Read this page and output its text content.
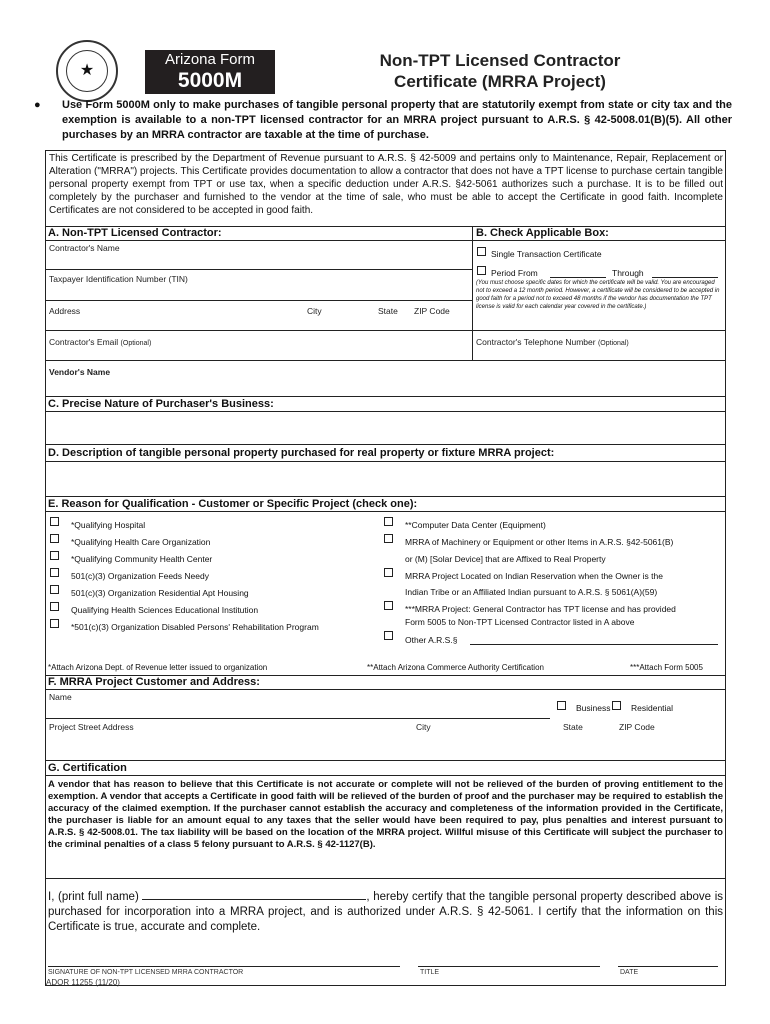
★
Arizona Form
5000M
Non-TPT Licensed Contractor
Certificate (MRRA Project)
● Use Form 5000M only to make purchases of tangible personal property that are statutorily exempt from state or city tax and the exemption is available to a non-TPT licensed contractor for an MRRA project pursuant to A.R.S. § 42-5008.01(B)(5). All other purchases by an MRRA contractor are taxable at the time of purchase.
This Certificate is prescribed by the Department of Revenue pursuant to A.R.S. § 42-5009 and pertains only to Maintenance, Repair, Replacement or Alteration ("MRRA") projects. This Certificate provides documentation to allow a contractor that does not have a TPT license to purchase certain tangible personal property exempt from TPT or use tax, when a specific deduction under A.R.S. §42-5061 authorizes such a purchase. It is to be filled out completely by the purchaser and furnished to the vendor at the time of sale, who must be able to accept the Certificate in good faith. Incomplete Certificates are not considered to be accepted in good faith.
A. Non-TPT Licensed Contractor:	B. Check Applicable Box:
Contractor's Name
Taxpayer Identification Number (TIN)
Address	City	State ZIP Code
Contractor's Email (Optional)
Single Transaction Certificate
Period From	Through
(You must choose specific dates for which the certificate will be valid. You are encouraged not to exceed a 12 month period. However, a certificate will be considered to be accepted in good faith for a period not to exceed 48 months if the vendor has documentation the TPT license is valid for each calendar year covered in the certificate.)
Contractor's Telephone Number (Optional)
Vendor's Name
C. Precise Nature of Purchaser's Business:
D. Description of tangible personal property purchased for real property or fixture MRRA project:
E. Reason for Qualification - Customer or Specific Project (check one):
*Qualifying Hospital
*Qualifying Health Care Organization
*Qualifying Community Health Center
501(c)(3) Organization Feeds Needy
501(c)(3) Organization Residential Apt Housing
Qualifying Health Sciences Educational Institution
*501(c)(3) Organization Disabled Persons' Rehabilitation Program
**Computer Data Center (Equipment)
MRRA of Machinery or Equipment or other Items in A.R.S. §42-5061(B)
or (M) [Solar Device] that are Affixed to Real Property
MRRA Project Located on Indian Reservation when the Owner is the
Indian Tribe or an Affiliated Indian pursuant to A.R.S. § 5061(A)(59)
***MRRA Project: General Contractor has TPT license and has provided
Form 5005 to Non-TPT Licensed Contractor listed in A above
Other A.R.S.§
*Attach Arizona Dept. of Revenue letter issued to organization	**Attach Arizona Commerce Authority Certification	***Attach Form 5005
F. MRRA Project Customer and Address:
Name
Business Residential
Project Street Address	City	State	ZIP Code
G. Certification
A vendor that has reason to believe that this Certificate is not accurate or complete will not be relieved of the burden of proving entitlement to the exemption. A vendor that accepts a Certificate in good faith will be relieved of the burden of proof and the purchaser may be required to establish the accuracy of the claimed exemption. If the purchaser cannot establish the accuracy and completeness of the information provided in the Certificate, the purchaser is liable for an amount equal to any taxes that the seller would have been required to pay, plus penalties and interest pursuant to A.R.S. § 42-5008.01. The tax liability will be based on the location of the MRRA project. Willful misuse of this Certificate will subject the purchaser to the criminal penalties of a class 5 felony pursuant to A.R.S. § 42-1127(B).
I, (print full name)	, hereby certify that the tangible personal property described above is purchased for incorporation into a MRRA project, and is authorized under A.R.S. § 42-5061. I certify that the information on this Certificate is true, accurate and complete.
SIGNATURE OF NON-TPT LICENSED MRRA CONTRACTOR	TITLE	DATE
ADOR 11255 (11/20)
